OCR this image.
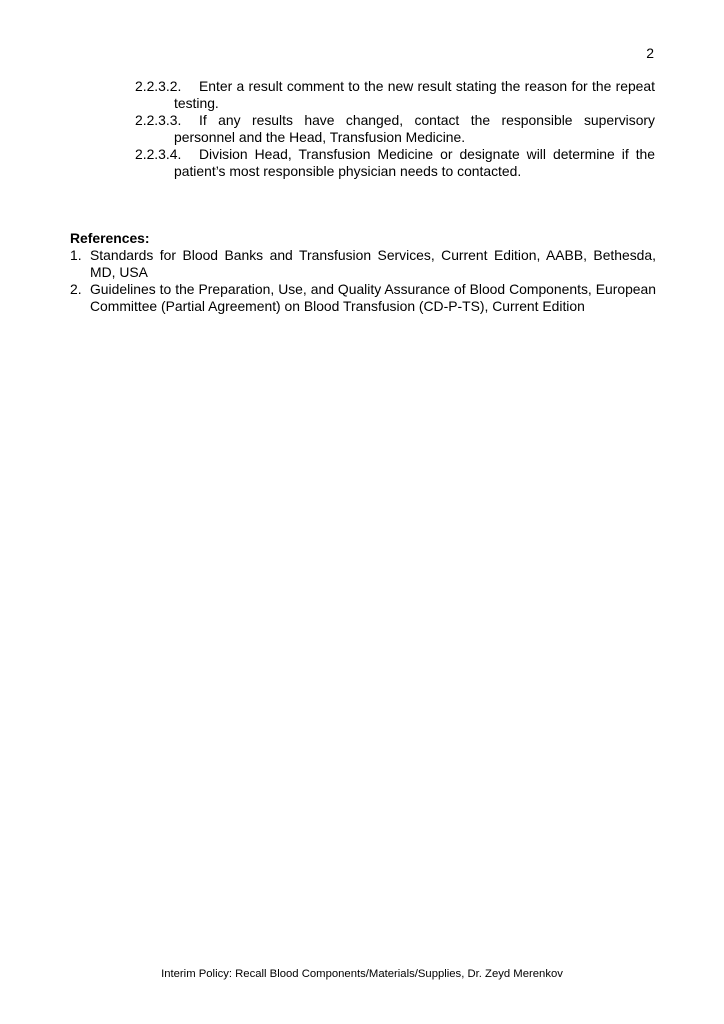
2

2.2.3.2. Enter a result comment to the new result stating the reason for the repeat testing.

2.2.3.3. If any results have changed, contact the responsible supervisory personnel and the Head, Transfusion Medicine.

2.2.3.4. Division Head, Transfusion Medicine or designate will determine if the patient’s most responsible physician needs to contacted.

References:

1. Standards for Blood Banks and Transfusion Services, Current Edition, AABB, Bethesda, MD, USA
2. Guidelines to the Preparation, Use, and Quality Assurance of Blood Components, European Committee (Partial Agreement) on Blood Transfusion (CD-P-TS), Current Edition
Interim Policy: Recall Blood Components/Materials/Supplies, Dr. Zeyd Merenkov
